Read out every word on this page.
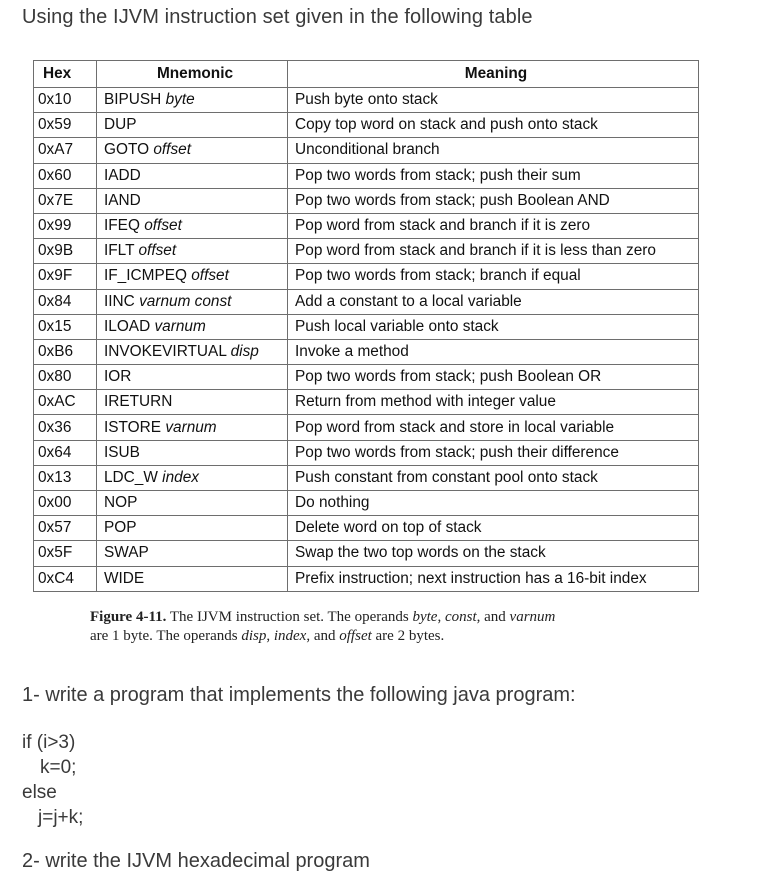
Using the IJVM instruction set given in the following table
Hex	Mnemonic	Meaning
0x10	BIPUSH byte	Push byte onto stack
0x59	DUP	Copy top word on stack and push onto stack
0xA7	GOTO offset	Unconditional branch
0x60	IADD	Pop two words from stack; push their sum
0x7E	IAND	Pop two words from stack; push Boolean AND
0x99	IFEQ offset	Pop word from stack and branch if it is zero
0x9B	IFLT offset	Pop word from stack and branch if it is less than zero
0x9F	IF_ICMPEQ offset	Pop two words from stack; branch if equal
0x84	IINC varnum const	Add a constant to a local variable
0x15	ILOAD varnum	Push local variable onto stack
0xB6	INVOKEVIRTUAL disp	Invoke a method
0x80	IOR	Pop two words from stack; push Boolean OR
0xAC	IRETURN	Return from method with integer value
0x36	ISTORE varnum	Pop word from stack and store in local variable
0x64	ISUB	Pop two words from stack; push their difference
0x13	LDC_W index	Push constant from constant pool onto stack
0x00	NOP	Do nothing
0x57	POP	Delete word on top of stack
0x5F	SWAP	Swap the two top words on the stack
0xC4	WIDE	Prefix instruction; next instruction has a 16-bit index
Figure 4-11. The IJVM instruction set. The operands byte, const, and varnum
are 1 byte. The operands disp, index, and offset are 2 bytes.
1- write a program that implements the following java program:
if (i>3)
k=0;
else
j=j+k;
2- write the IJVM hexadecimal program
